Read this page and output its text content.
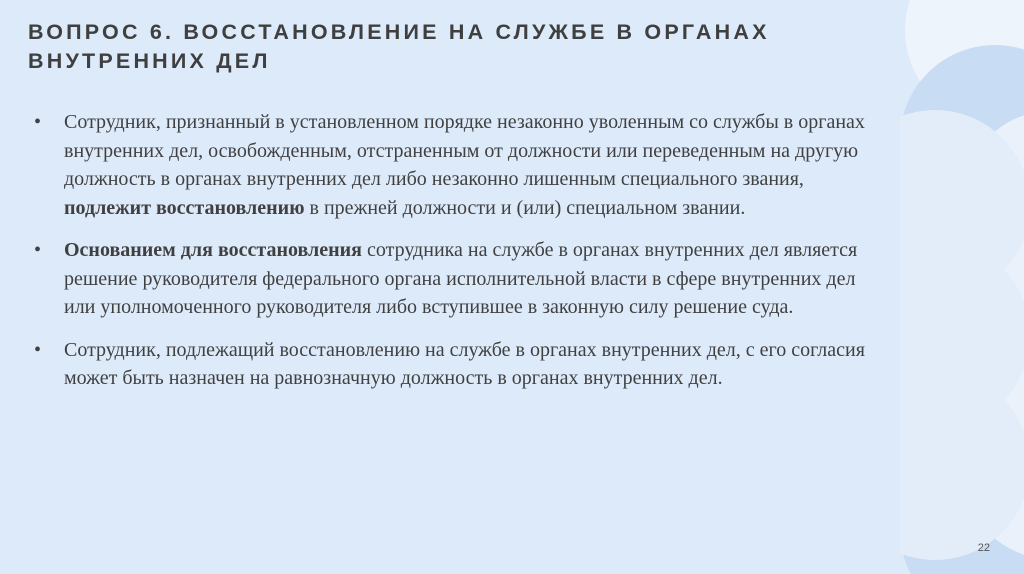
ВОПРОС 6. ВОССТАНОВЛЕНИЕ НА СЛУЖБЕ В ОРГАНАХ ВНУТРЕННИХ ДЕЛ
• Сотрудник, признанный в установленном порядке незаконно уволенным со службы в органах внутренних дел, освобожденным, отстраненным от должности или переведенным на другую должность в органах внутренних дел либо незаконно лишенным специального звания, подлежит восстановлению в прежней должности и (или) специальном звании.
• Основанием для восстановления сотрудника на службе в органах внутренних дел является решение руководителя федерального органа исполнительной власти в сфере внутренних дел или уполномоченного руководителя либо вступившее в законную силу решение суда.
• Сотрудник, подлежащий восстановлению на службе в органах внутренних дел, с его согласия может быть назначен на равнозначную должность в органах внутренних дел.
22
